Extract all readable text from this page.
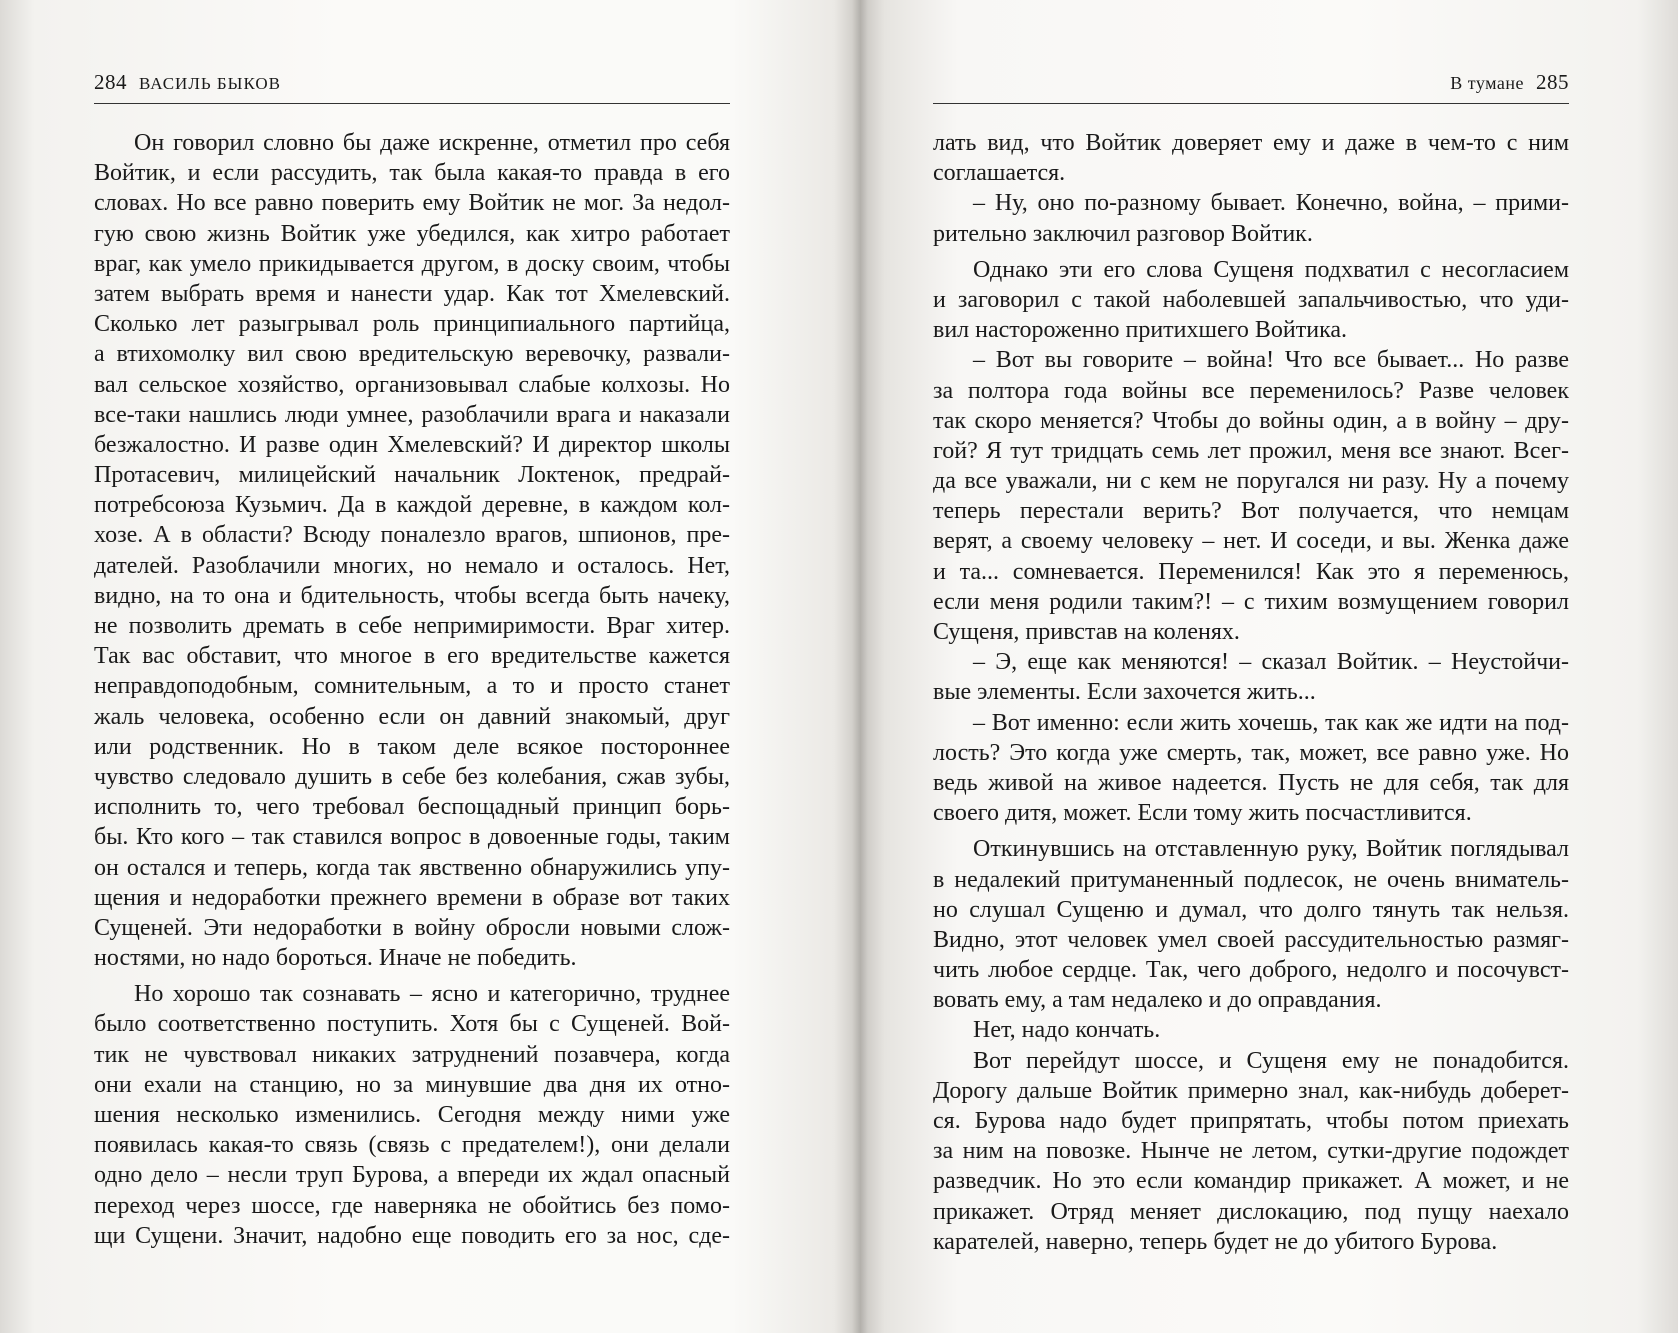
284 ВАСИЛЬ БЫКОВ	В тумане 285
Он говорил словно бы даже искренне, отметил про себя
Войтик, и если рассудить, так была какая-то правда в его
словах. Но все равно поверить ему Войтик не мог. За недол-
гую свою жизнь Войтик уже убедился, как хитро работает
враг, как умело прикидывается другом, в доску своим, чтобы
затем выбрать время и нанести удар. Как тот Хмелевский.
Сколько лет разыгрывал роль принципиального партийца,
а втихомолку вил свою вредительскую веревочку, развали-
вал сельское хозяйство, организовывал слабые колхозы. Но
все-таки нашлись люди умнее, разоблачили врага и наказали
безжалостно. И разве один Хмелевский? И директор школы
Протасевич, милицейский начальник Локтенок, предрай-
потребсоюза Кузьмич. Да в каждой деревне, в каждом кол-
хозе. А в области? Всюду поналезло врагов, шпионов, пре-
дателей. Разоблачили многих, но немало и осталось. Нет,
видно, на то она и бдительность, чтобы всегда быть начеку,
не позволить дремать в себе непримиримости. Враг хитер.
Так вас обставит, что многое в его вредительстве кажется
неправдоподобным, сомнительным, а то и просто станет
жаль человека, особенно если он давний знакомый, друг
или родственник. Но в таком деле всякое постороннее
чувство следовало душить в себе без колебания, сжав зубы,
исполнить то, чего требовал беспощадный принцип борь-
бы. Кто кого – так ставился вопрос в довоенные годы, таким
он остался и теперь, когда так явственно обнаружились упу-
щения и недоработки прежнего времени в образе вот таких
Сущеней. Эти недоработки в войну обросли новыми слож-
ностями, но надо бороться. Иначе не победить.
Но хорошо так сознавать – ясно и категорично, труднее
было соответственно поступить. Хотя бы с Сущеней. Вой-
тик не чувствовал никаких затруднений позавчера, когда
они ехали на станцию, но за минувшие два дня их отно-
шения несколько изменились. Сегодня между ними уже
появилась какая-то связь (связь с предателем!), они делали
одно дело – несли труп Бурова, а впереди их ждал опасный
переход через шоссе, где наверняка не обойтись без помо-
щи Сущени. Значит, надобно еще поводить его за нос, сде-
лать вид, что Войтик доверяет ему и даже в чем-то с ним
соглашается.
– Ну, оно по-разному бывает. Конечно, война, – прими-
рительно заключил разговор Войтик.
Однако эти его слова Сущеня подхватил с несогласием
и заговорил с такой наболевшей запальчивостью, что уди-
вил настороженно притихшего Войтика.
– Вот вы говорите – война! Что все бывает... Но разве
за полтора года войны все переменилось? Разве человек
так скоро меняется? Чтобы до войны один, а в войну – дру-
гой? Я тут тридцать семь лет прожил, меня все знают. Всег-
да все уважали, ни с кем не поругался ни разу. Ну а почему
теперь перестали верить? Вот получается, что немцам
верят, а своему человеку – нет. И соседи, и вы. Женка даже
и та... сомневается. Переменился! Как это я переменюсь,
если меня родили таким?! – с тихим возмущением говорил
Сущеня, привстав на коленях.
– Э, еще как меняются! – сказал Войтик. – Неустойчи-
вые элементы. Если захочется жить...
– Вот именно: если жить хочешь, так как же идти на под-
лость? Это когда уже смерть, так, может, все равно уже. Но
ведь живой на живое надеется. Пусть не для себя, так для
своего дитя, может. Если тому жить посчастливится.
Откинувшись на отставленную руку, Войтик поглядывал
в недалекий притуманенный подлесок, не очень вниматель-
но слушал Сущеню и думал, что долго тянуть так нельзя.
Видно, этот человек умел своей рассудительностью размяг-
чить любое сердце. Так, чего доброго, недолго и посочувст-
вовать ему, а там недалеко и до оправдания.
Нет, надо кончать.
Вот перейдут шоссе, и Сущеня ему не понадобится.
Дорогу дальше Войтик примерно знал, как-нибудь доберет-
ся. Бурова надо будет припрятать, чтобы потом приехать
за ним на повозке. Нынче не летом, сутки-другие подождет
разведчик. Но это если командир прикажет. А может, и не
прикажет. Отряд меняет дислокацию, под пущу наехало
карателей, наверно, теперь будет не до убитого Бурова.
